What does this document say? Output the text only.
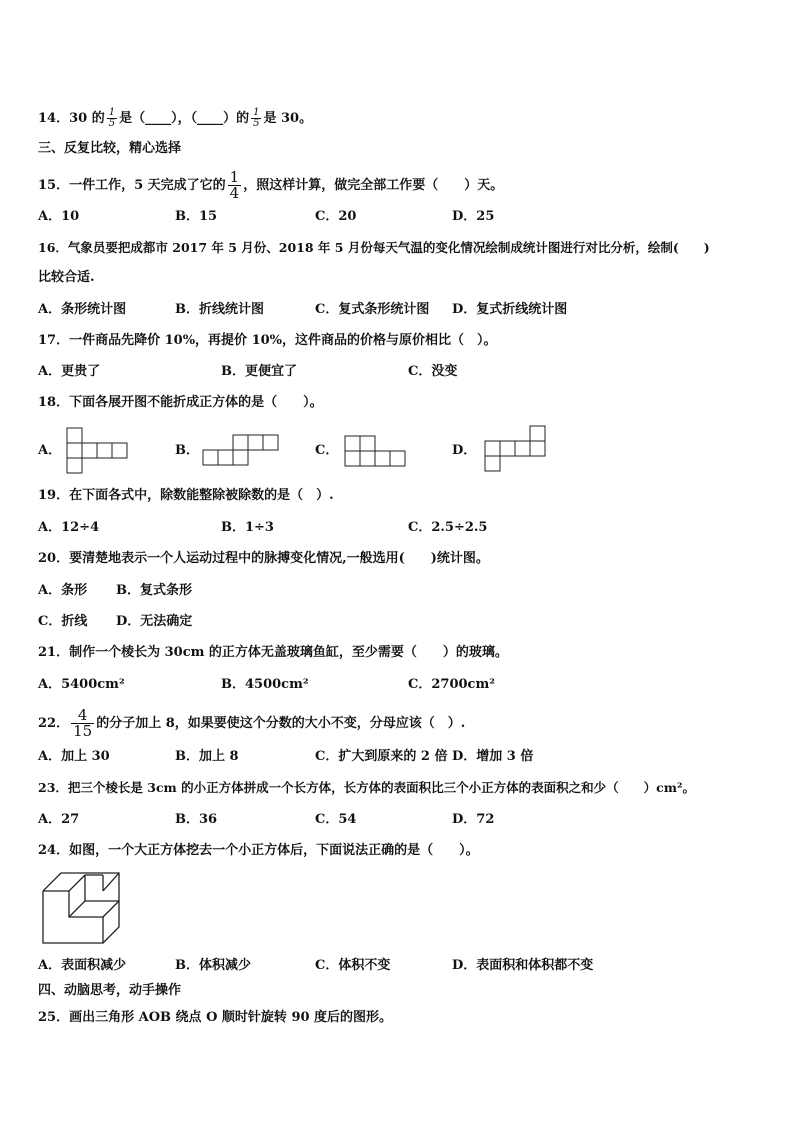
14．30 的 $\frac{1}{5}$ 是（____），（____）的 $\frac{1}{5}$ 是 30。
三、反复比较，精心选择
15．一件工作，5 天完成了它的 $\frac{1}{4}$ ，照这样计算，做完全部工作要（　　）天。
A．10	B．15	C．20	D．25
16．气象员要把成都市 2017 年 5 月份、2018 年 5 月份每天气温的变化情况绘制成统计图进行对比分析，绘制(　　)
比较合适.
A．条形统计图	B．折线统计图	C．复式条形统计图 D．复式折线统计图
17．一件商品先降价 10%，再提价 10%，这件商品的价格与原价相比（　）。
A．更贵了	B．更便宜了	C．没变
18．下面各展开图不能折成正方体的是（　　）。
A．	B．	C．	D．
19．在下面各式中，除数能整除被除数的是（　）.
A．12÷4	B．1÷3	C．2.5÷2.5
20．要清楚地表示一个人运动过程中的脉搏变化情况,一般选用(　　)统计图。
A．条形 B．复式条形
C．折线 D．无法确定
21．制作一个棱长为 30cm 的正方体无盖玻璃鱼缸，至少需要（　　）的玻璃。
A．5400cm²	B．4500cm²	C．2700cm²
22． $\frac{4}{15}$ 的分子加上 8，如果要使这个分数的大小不变，分母应该（　）.
A．加上 30	B．加上 8	C．扩大到原来的 2 倍 D．增加 3 倍
23．把三个棱长是 3cm 的小正方体拼成一个长方体，长方体的表面积比三个小正方体的表面积之和少（　　）cm²。
A．27	B．36	C．54	D．72
24．如图，一个大正方体挖去一个小正方体后，下面说法正确的是（　　）。
A．表面积减少	B．体积减少	C．体积不变	D．表面积和体积都不变
四、动脑思考，动手操作
25．画出三角形 AOB 绕点 O 顺时针旋转 90 度后的图形。
